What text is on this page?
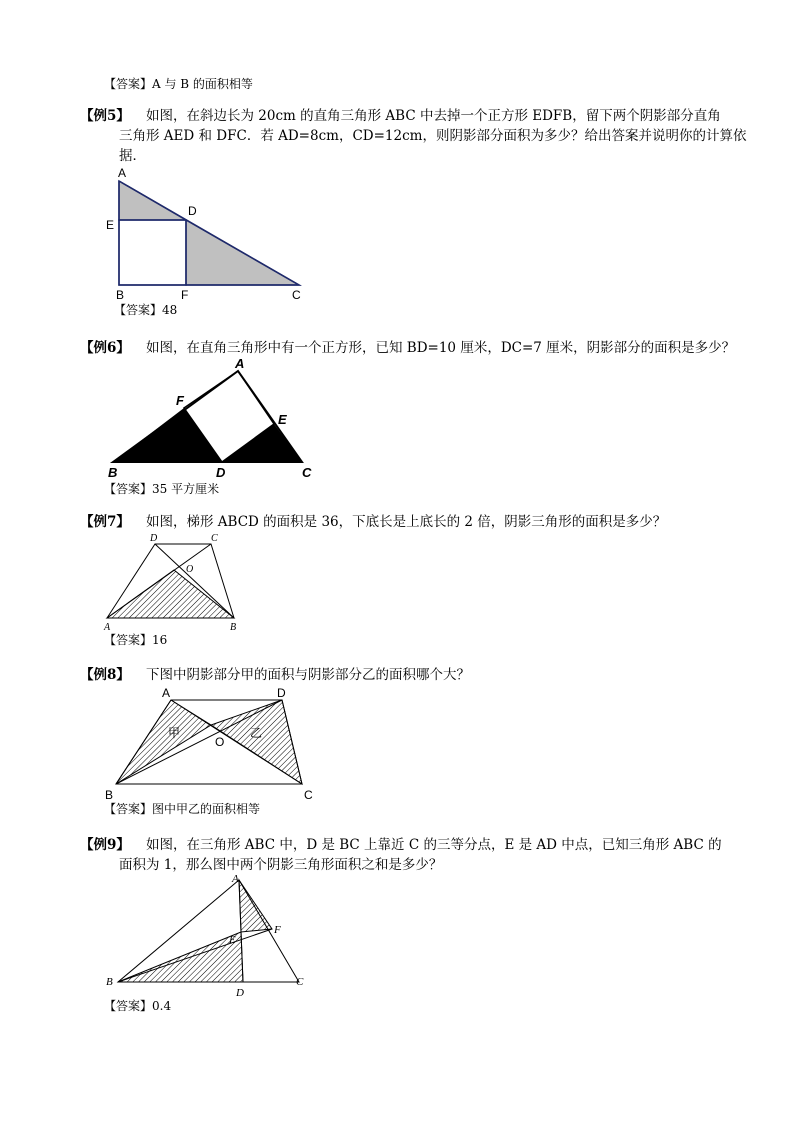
【答案】A 与 B 的面积相等
【例5】 如图，在斜边长为 20cm 的直角三角形 ABC 中去掉一个正方形 EDFB，留下两个阴影部分直角
三角形 AED 和 DFC．若 AD=8cm，CD=12cm，则阴影部分面积为多少？给出答案并说明你的计算依
据．
A
E
D
B	F	C
【答案】48
【例6】 如图，在直角三角形中有一个正方形，已知 BD=10 厘米，DC=7 厘米，阴影部分的面积是多少？
A
F
E
B	D	C
【答案】35 平方厘米
【例7】 如图，梯形 ABCD 的面积是 36，下底长是上底长的 2 倍，阴影三角形的面积是多少？
D	C
O
A	B
【答案】16
【例8】 下图中阴影部分甲的面积与阴影部分乙的面积哪个大？
A	D
O
B	C
甲	乙
【答案】图中甲乙的面积相等
【例9】 如图，在三角形 ABC 中，D 是 BC 上靠近 C 的三等分点，E 是 AD 中点，已知三角形 ABC 的
面积为 1，那么图中两个阴影三角形面积之和是多少？
A
E
F
B
D
C
【答案】0.4
